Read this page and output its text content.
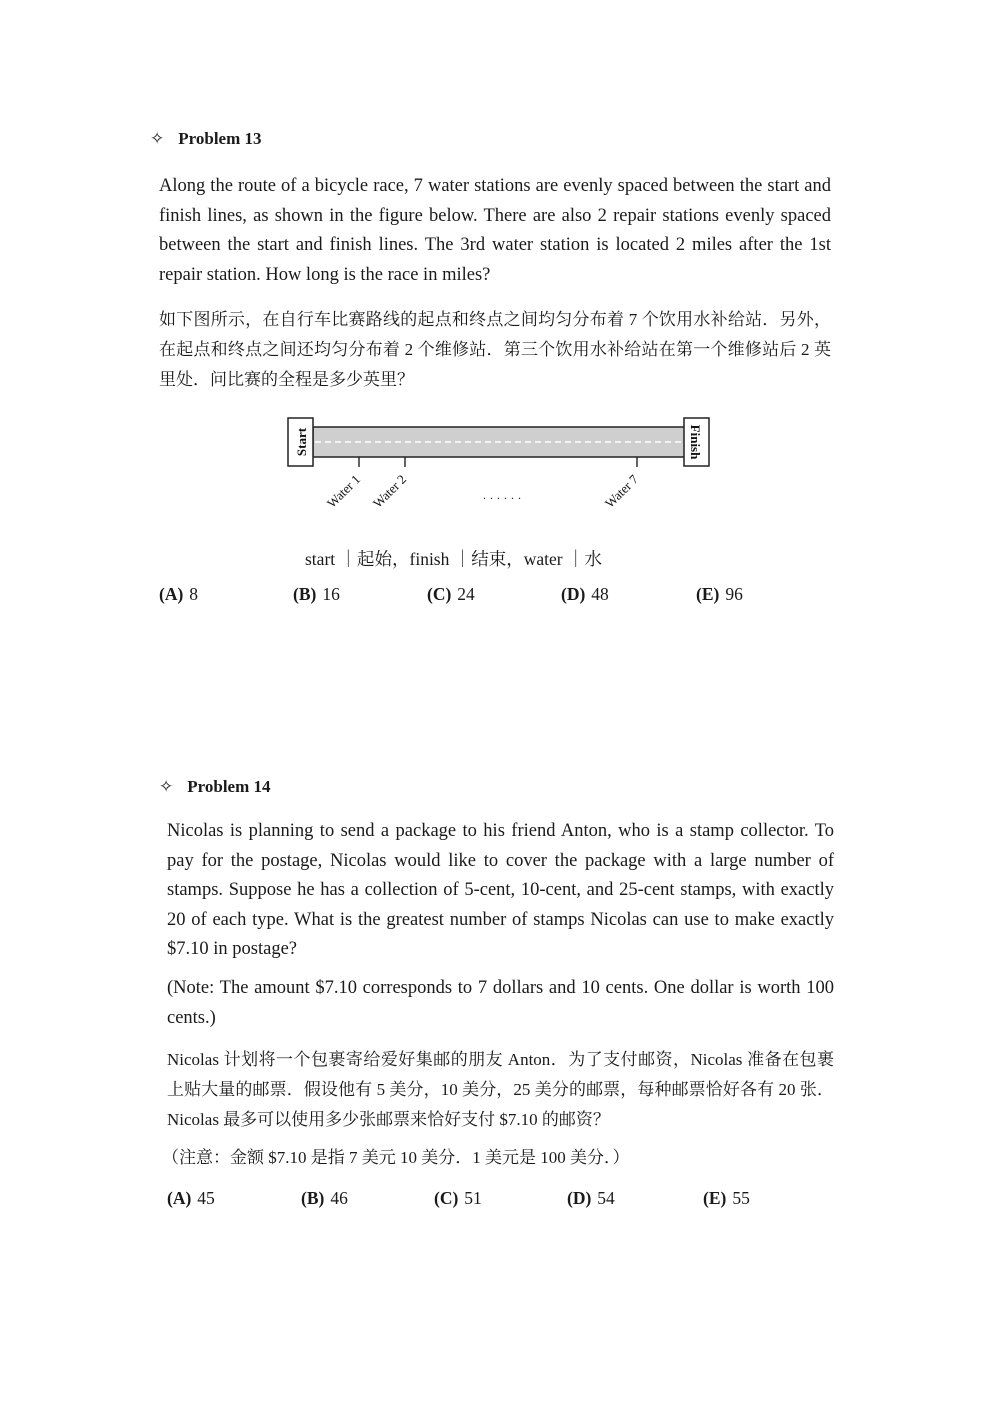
✧ Problem 13
Along the route of a bicycle race, 7 water stations are evenly spaced between the start and finish lines, as shown in the figure below. There are also 2 repair stations evenly spaced between the start and finish lines. The 3rd water station is located 2 miles after the 1st repair station. How long is the race in miles?
如下图所示，在自行车比赛路线的起点和终点之间均匀分布着 7 个饮用水补给站．另外，在起点和终点之间还均匀分布着 2 个维修站．第三个饮用水补给站在第一个维修站后 2 英里处．问比赛的全程是多少英里？
Start	Finish
Water 1 Water 2	Water 7
· · · · · ·
start ｜起始，finish ｜结束，water ｜水
(A) 8	(B) 16	(C) 24	(D) 48	(E) 96
✧ Problem 14
Nicolas is planning to send a package to his friend Anton, who is a stamp collector. To pay for the postage, Nicolas would like to cover the package with a large number of stamps. Suppose he has a collection of 5-cent, 10-cent, and 25-cent stamps, with exactly 20 of each type. What is the greatest number of stamps Nicolas can use to make exactly $7.10 in postage?
(Note: The amount $7.10 corresponds to 7 dollars and 10 cents. One dollar is worth 100 cents.)
Nicolas 计划将一个包裹寄给爱好集邮的朋友 Anton．为了支付邮资，Nicolas 准备在包裹上贴大量的邮票．假设他有 5 美分，10 美分，25 美分的邮票，每种邮票恰好各有 20 张．Nicolas 最多可以使用多少张邮票来恰好支付 $7.10 的邮资？
（注意：金额 $7.10 是指 7 美元 10 美分．1 美元是 100 美分．）
(A) 45	(B) 46	(C) 51	(D) 54	(E) 55
